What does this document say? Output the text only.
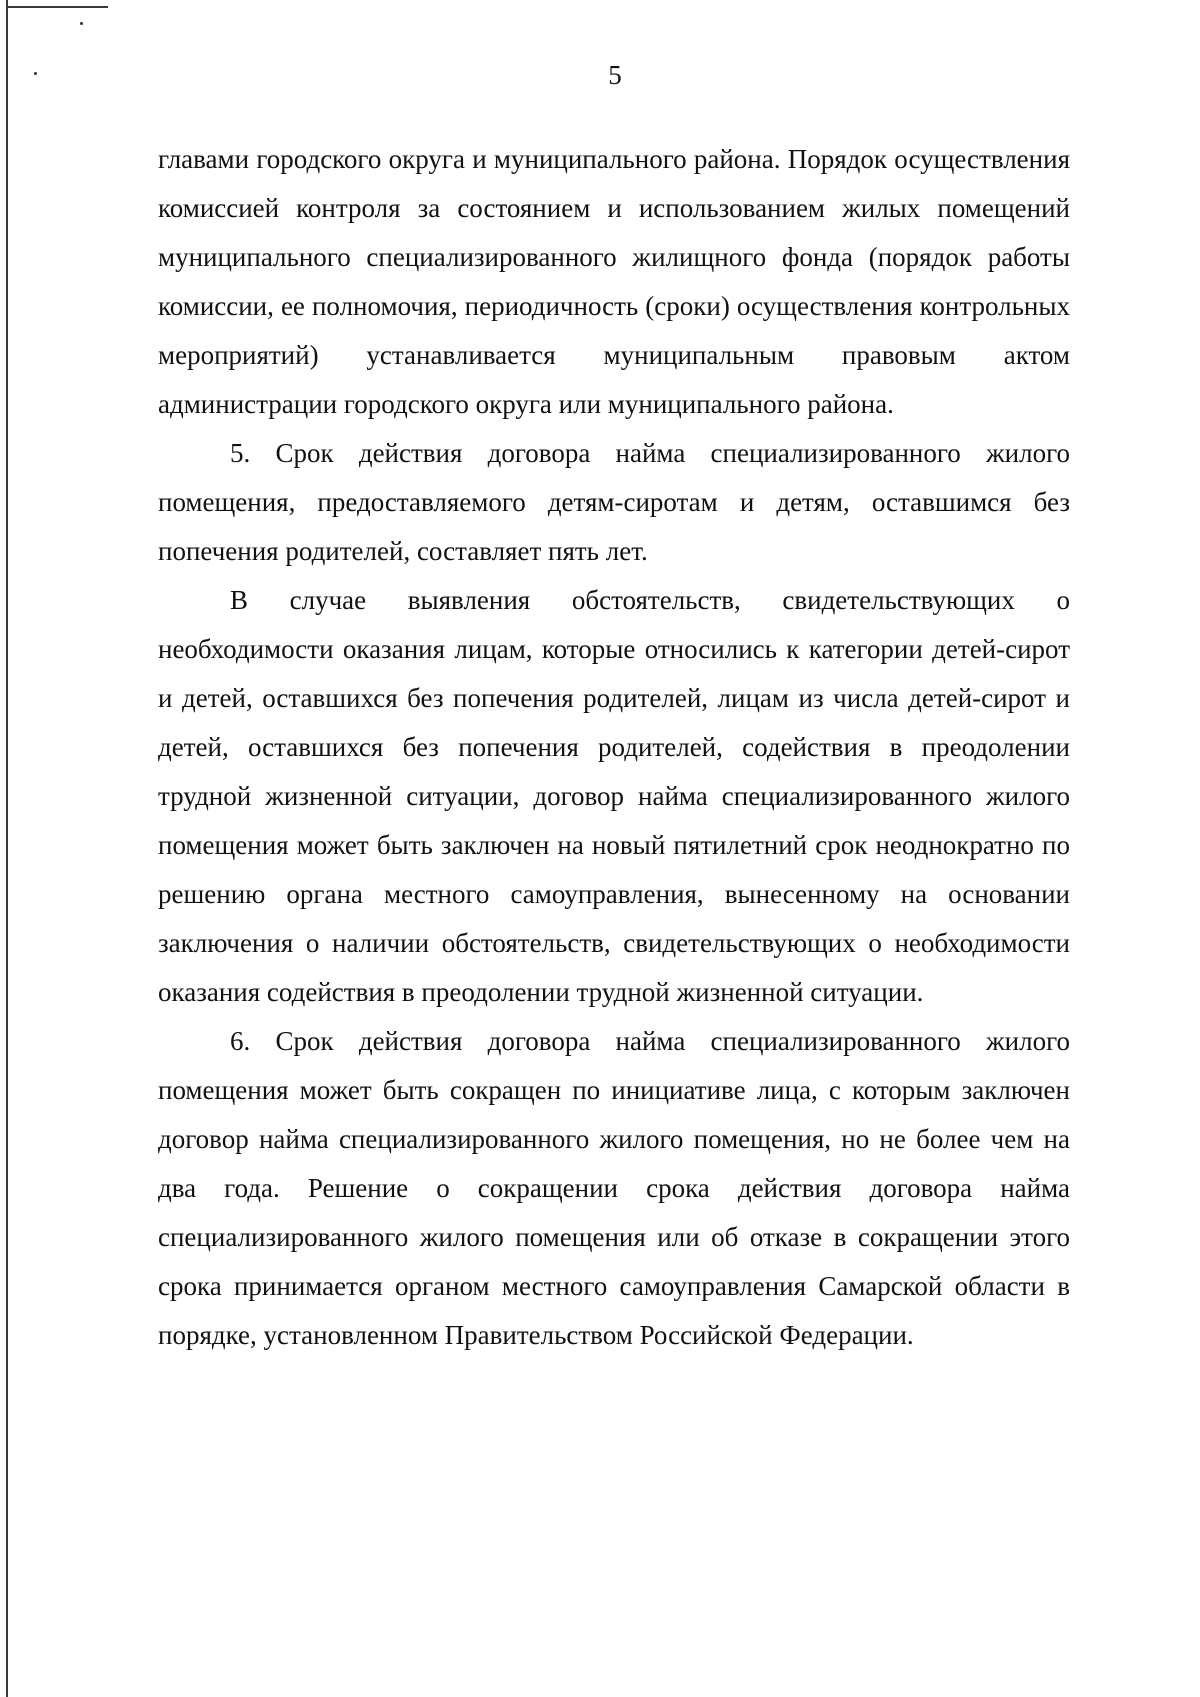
5

главами городского округа и муниципального района. Порядок осуществления комиссией контроля за состоянием и использованием жилых помещений муниципального специализированного жилищного фонда (порядок работы комиссии, ее полномочия, периодичность (сроки) осуществления контрольных мероприятий) устанавливается муниципальным правовым актом администрации городского округа или муниципального района.

5. Срок действия договора найма специализированного жилого помещения, предоставляемого детям-сиротам и детям, оставшимся без попечения родителей, составляет пять лет.

В случае выявления обстоятельств, свидетельствующих о необходимости оказания лицам, которые относились к категории детей-сирот и детей, оставшихся без попечения родителей, лицам из числа детей-сирот и детей, оставшихся без попечения родителей, содействия в преодолении трудной жизненной ситуации, договор найма специализированного жилого помещения может быть заключен на новый пятилетний срок неоднократно по решению органа местного самоуправления, вынесенному на основании заключения о наличии обстоятельств, свидетельствующих о необходимости оказания содействия в преодолении трудной жизненной ситуации.

6. Срок действия договора найма специализированного жилого помещения может быть сокращен по инициативе лица, с которым заключен договор найма специализированного жилого помещения, но не более чем на два года. Решение о сокращении срока действия договора найма специализированного жилого помещения или об отказе в сокращении этого срока принимается органом местного самоуправления Самарской области в порядке, установленном Правительством Российской Федерации.
